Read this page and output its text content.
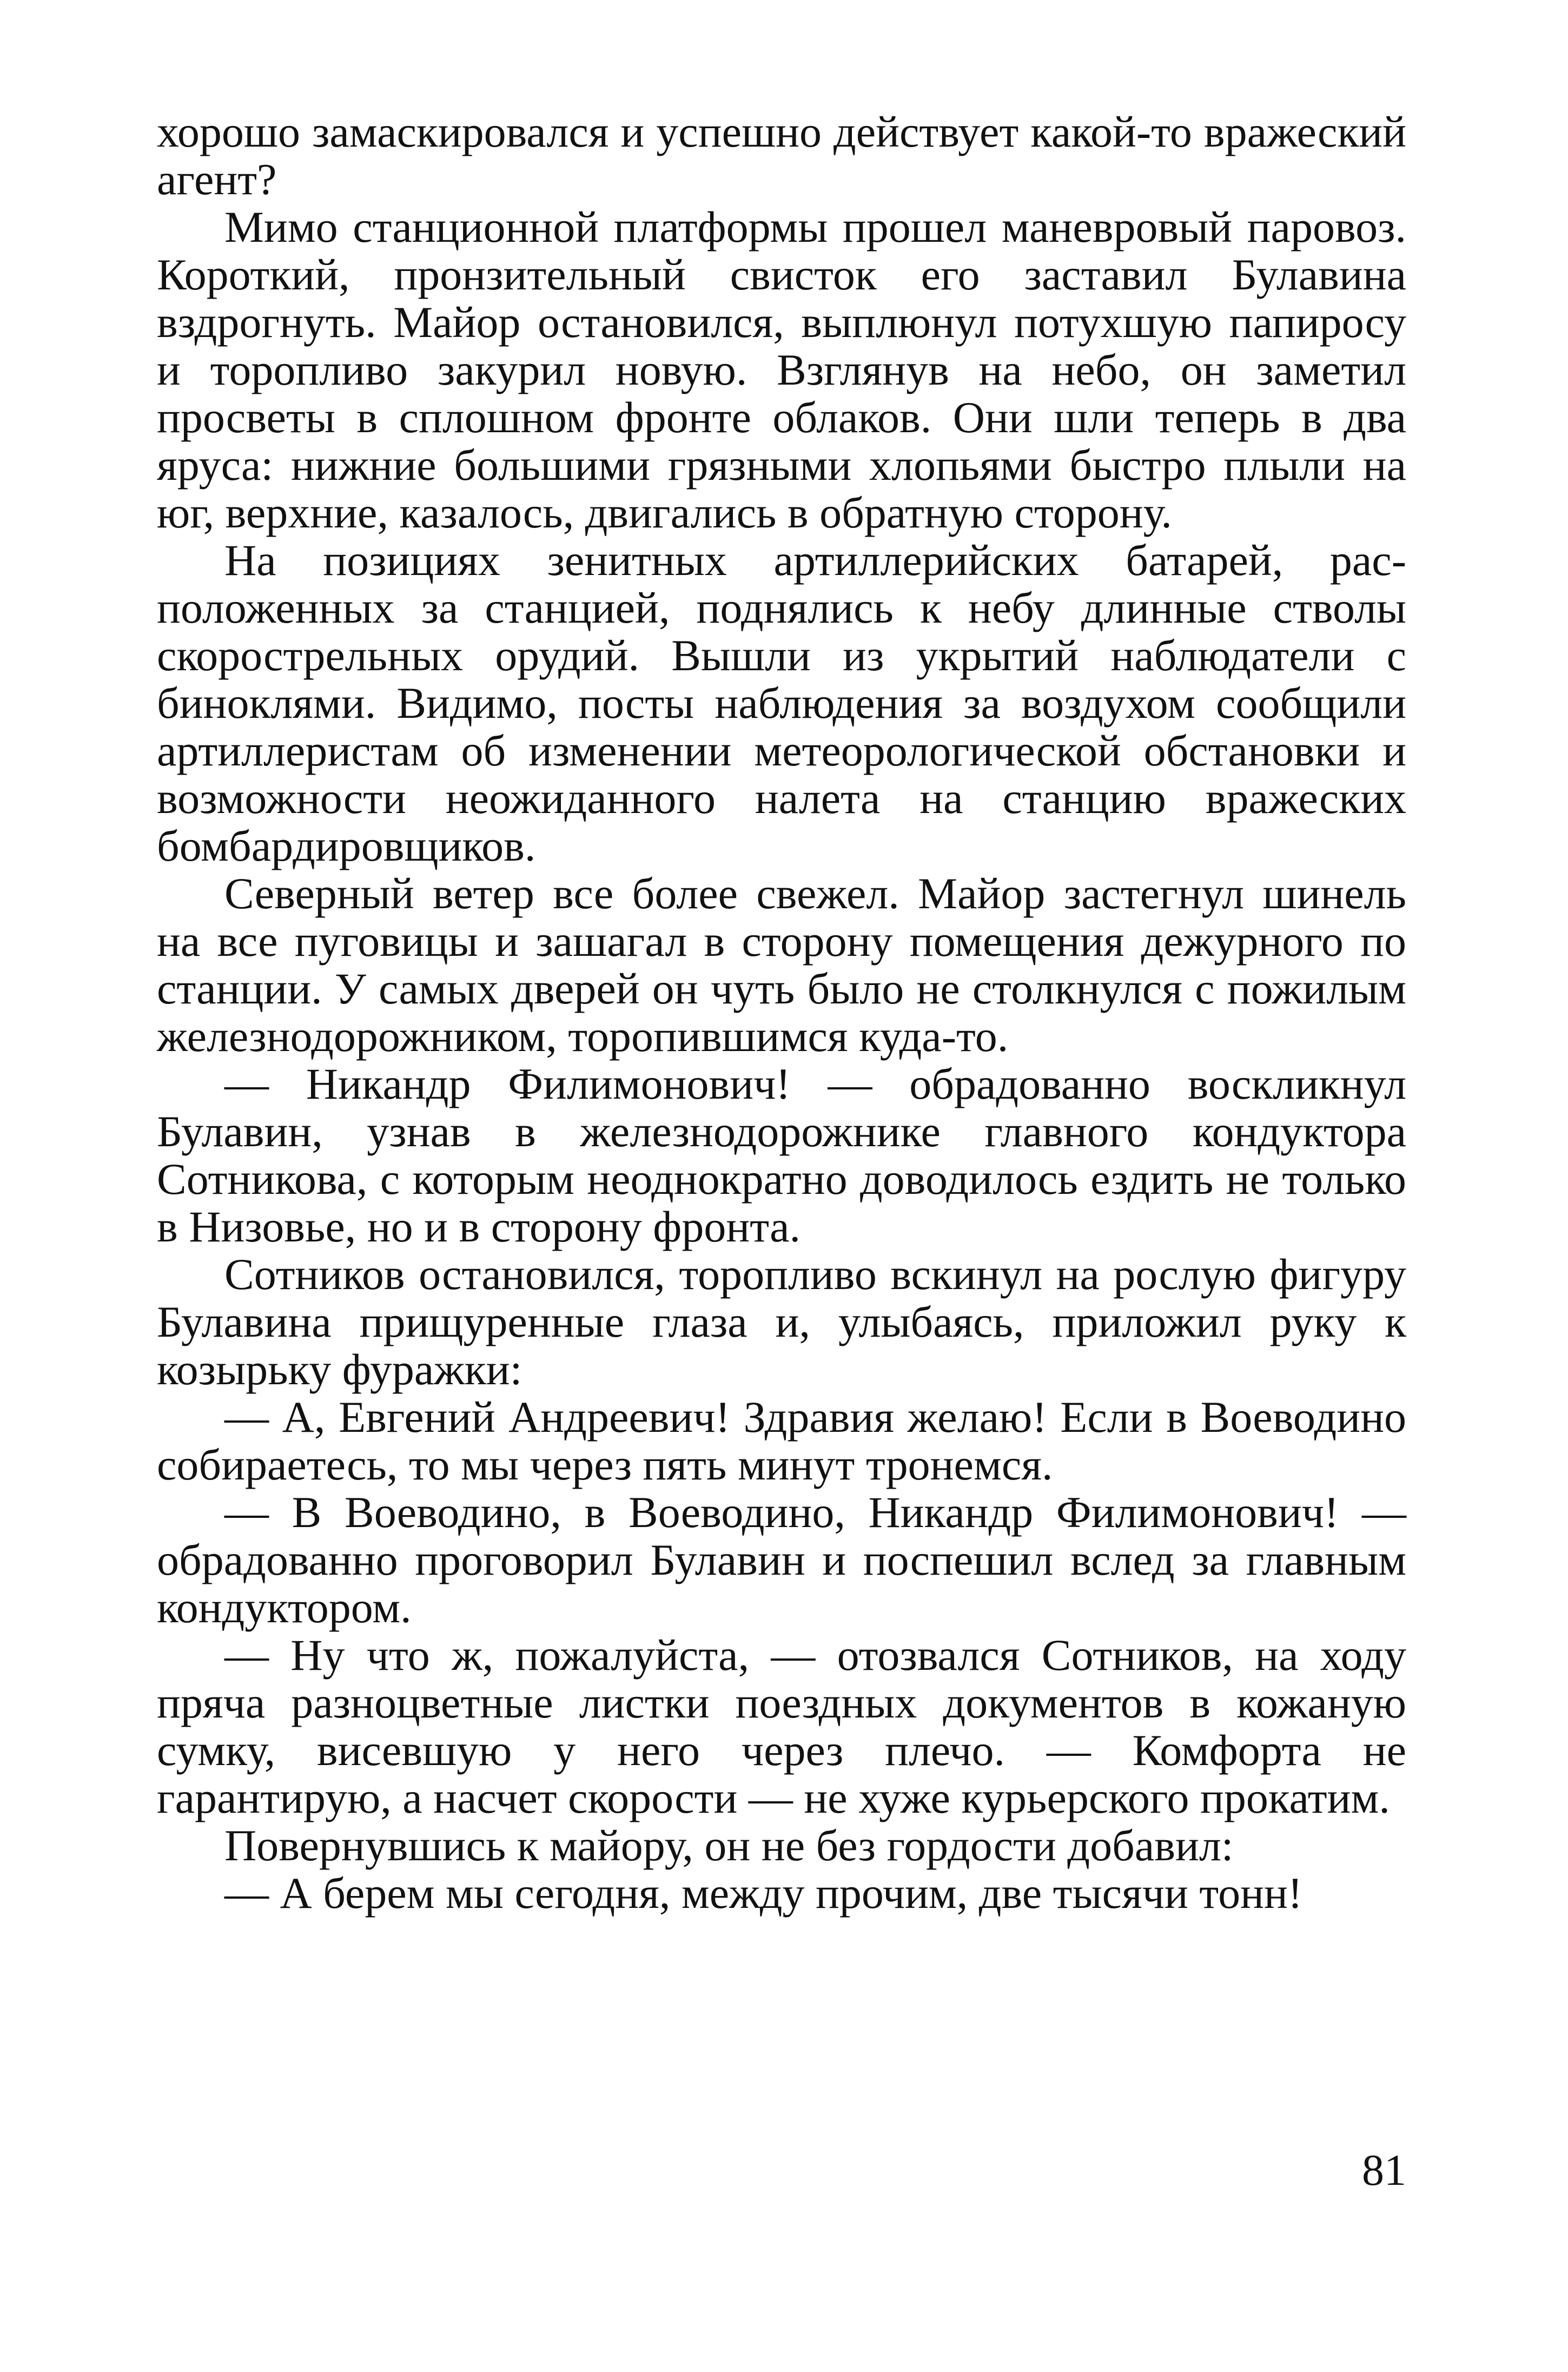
хорошо замаскировался и успешно действует какой-то вражеский агент?

Мимо станционной платформы прошел маневровый паровоз. Короткий, пронзительный свисток его заставил Булавина вздрогнуть. Майор остановился, выплюнул потухшую папиросу и торопливо закурил новую. Взглянув на небо, он заметил просветы в сплошном фронте облаков. Они шли теперь в два яруса: нижние большими грязными хлопьями быстро плыли на юг, верхние, казалось, двигались в обратную сторону.

На позициях зенитных артиллерийских батарей, расположенных за станцией, поднялись к небу длинные стволы скорострельных орудий. Вышли из укрытий наблюдатели с биноклями. Видимо, посты наблюдения за воздухом сообщили артиллеристам об изменении метеорологической обстановки и возможности неожиданного налета на станцию вражеских бомбардировщиков.

Северный ветер все более свежел. Майор застегнул шинель на все пуговицы и зашагал в сторону помещения дежурного по станции. У самых дверей он чуть было не столкнулся с пожилым железнодорожником, торопившимся куда-то.

— Никандр Филимонович! — обрадованно воскликнул Булавин, узнав в железнодорожнике главного кондуктора Сотникова, с которым неоднократно доводилось ездить не только в Низовье, но и в сторону фронта.

Сотников остановился, торопливо вскинул на рослую фигуру Булавина прищуренные глаза и, улыбаясь, приложил руку к козырьку фуражки:

— А, Евгений Андреевич! Здравия желаю! Если в Воеводино собираетесь, то мы через пять минут тронемся.

— В Воеводино, в Воеводино, Никандр Филимонович! — обрадованно проговорил Булавин и поспешил вслед за главным кондуктором.

— Ну что ж, пожалуйста, — отозвался Сотников, на ходу пряча разноцветные листки поездных документов в кожаную сумку, висевшую у него через плечо. — Комфорта не гарантирую, а насчет скорости — не хуже курьерского прокатим.

Повернувшись к майору, он не без гордости добавил:

— А берем мы сегодня, между прочим, две тысячи тонн!

81
